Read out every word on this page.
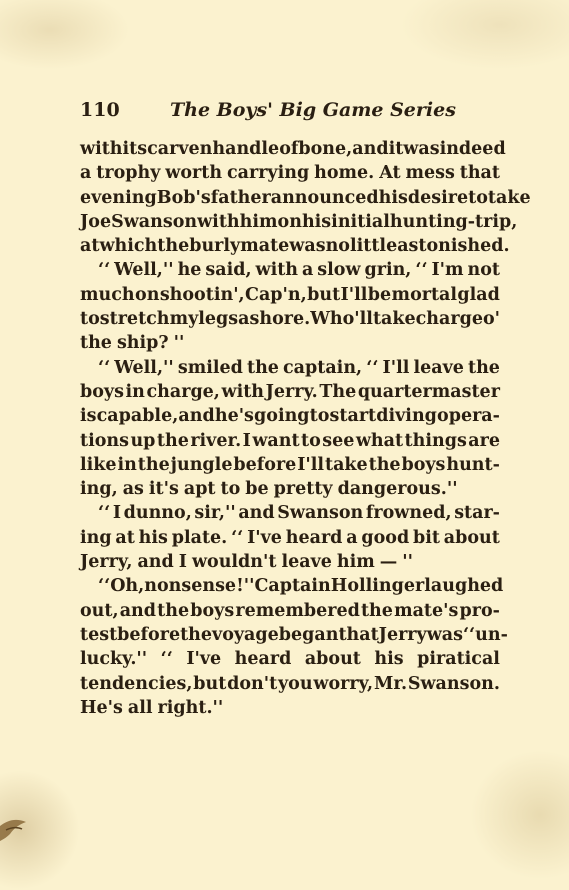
110	The Boys' Big Game Series
with its carven handle of bone, and it was indeed
a trophy worth carrying home. At mess that
evening Bob's father announced his desire to take
Joe Swanson with him on his initial hunting-trip,
at which the burly mate was no little astonished.
‘‘ Well,'' he said, with a slow grin, ‘‘ I'm not
much on shootin', Cap'n, but I'll be mortal glad
to stretch my legs ashore. Who'll take charge o'
the ship? ''
‘‘ Well,'' smiled the captain, ‘‘ I'll leave the
boys in charge, with Jerry. The quartermaster
is capable, and he's going to start diving opera-
tions up the river. I want to see what things are
like in the jungle before I'll take the boys hunt-
ing, as it's apt to be pretty dangerous.''
‘‘ I dunno, sir,'' and Swanson frowned, star-
ing at his plate. ‘‘ I've heard a good bit about
Jerry, and I wouldn't leave him — ''
‘‘ Oh, nonsense! '' Captain Hollinger laughed
out, and the boys remembered the mate's pro-
test before the voyage began that Jerry was ‘‘ un-
lucky.'' ‘‘ I've heard about his piratical
tendencies, but don't you worry, Mr. Swanson.
He's all right.''
